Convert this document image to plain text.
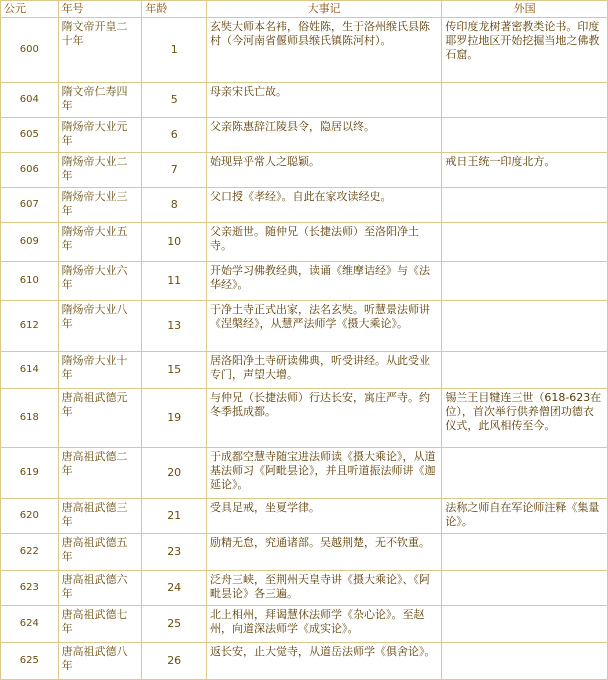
公元	年号	年龄	大事记	外国
600	隋文帝开皇二十年	1	玄奘大师本名袆，俗姓陈，生于洛州缑氏县陈村（今河南省偃师县缑氏镇陈河村）。	传印度龙树著密教类论书。印度耶罗拉地区开始挖掘当地之佛教石窟。
604	隋文帝仁寿四年	5	母亲宋氏亡故。	
605	隋炀帝大业元年	6	父亲陈惠辞江陵县令，隐居以终。	
606	隋炀帝大业二年	7	始现异乎常人之聪颖。	戒日王统一印度北方。
607	隋炀帝大业三年	8	父口授《孝经》。自此在家攻读经史。	
609	隋炀帝大业五年	10	父亲逝世。随仲兄（长捷法师）至洛阳净土寺。	
610	隋炀帝大业六年	11	开始学习佛教经典，读诵《维摩诘经》与《法华经》。	
612	隋炀帝大业八年	13	于净土寺正式出家，法名玄奘。听慧景法师讲《涅槃经》，从慧严法师学《摄大乘论》。	
614	隋炀帝大业十年	15	居洛阳净土寺研读佛典，听受讲经。从此受业专门，声望大增。	
618	唐高祖武德元年	19	与仲兄（长捷法师）行达长安，寓庄严寺。约冬季抵成都。	锡兰王目犍连三世（618-623在位），首次举行供养僧团功德衣仪式，此风相传至今。
619	唐高祖武德二年	20	于成都空慧寺随宝进法师读《摄大乘论》，从道基法师习《阿毗昙论》，并且听道振法师讲《迦延论》。	
620	唐高祖武德三年	21	受具足戒，坐夏学律。	法称之师自在军论师注释《集量论》。
622	唐高祖武德五年	23	励精无怠，究通诸部。吴越荆楚，无不钦重。	
623	唐高祖武德六年	24	泛舟三峡，至荆州天皇寺讲《摄大乘论》、《阿毗昙论》各三遍。	
624	唐高祖武德七年	25	北上相州，拜谒慧休法师学《杂心论》。至赵州，向道深法师学《成实论》。	
625	唐高祖武德八年	26	返长安，止大觉寺，从道岳法师学《俱舍论》。	
